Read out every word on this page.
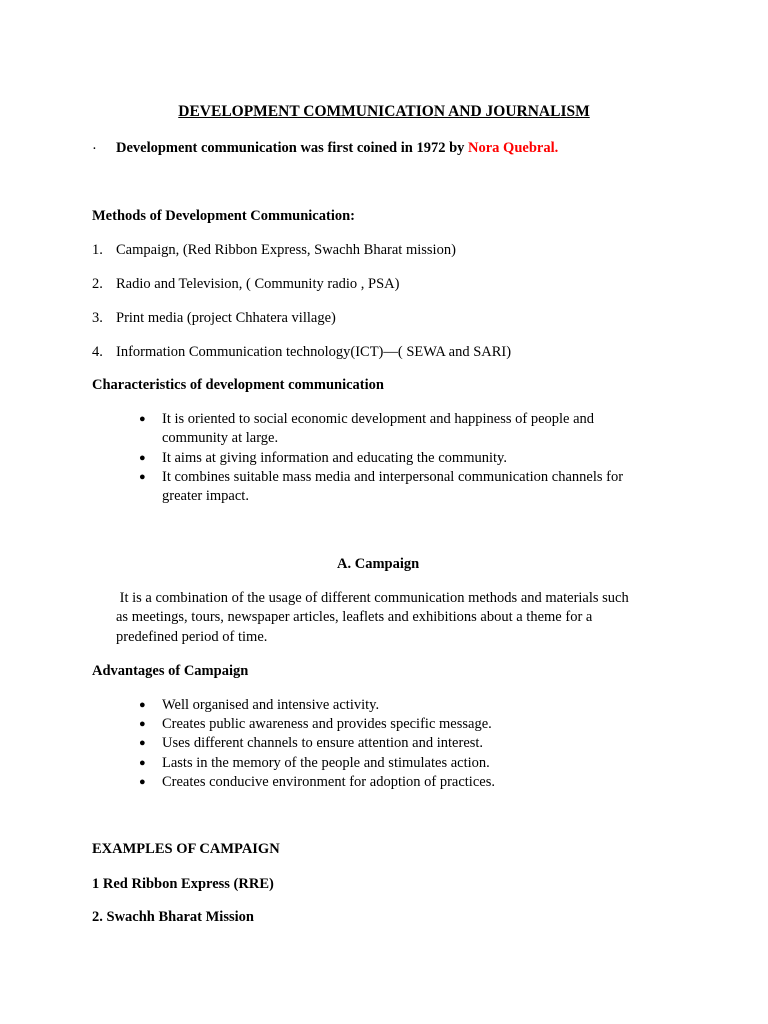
DEVELOPMENT COMMUNICATION AND JOURNALISM
· Development communication was first coined in 1972 by Nora Quebral.
Methods of Development Communication:
1. Campaign, (Red Ribbon Express, Swachh Bharat mission)
2. Radio and Television, ( Community radio , PSA)
3. Print media (project Chhatera village)
4. Information Communication technology(ICT)—( SEWA and SARI)
Characteristics of development communication
● It is oriented to social economic development and happiness of people and
community at large.
● It aims at giving information and educating the community.
● It combines suitable mass media and interpersonal communication channels for
greater impact.
A. Campaign
It is a combination of the usage of different communication methods and materials such
as meetings, tours, newspaper articles, leaflets and exhibitions about a theme for a
predefined period of time.
Advantages of Campaign
● Well organised and intensive activity.
● Creates public awareness and provides specific message.
● Uses different channels to ensure attention and interest.
● Lasts in the memory of the people and stimulates action.
● Creates conducive environment for adoption of practices.
EXAMPLES OF CAMPAIGN
1 Red Ribbon Express (RRE)
2. Swachh Bharat Mission
